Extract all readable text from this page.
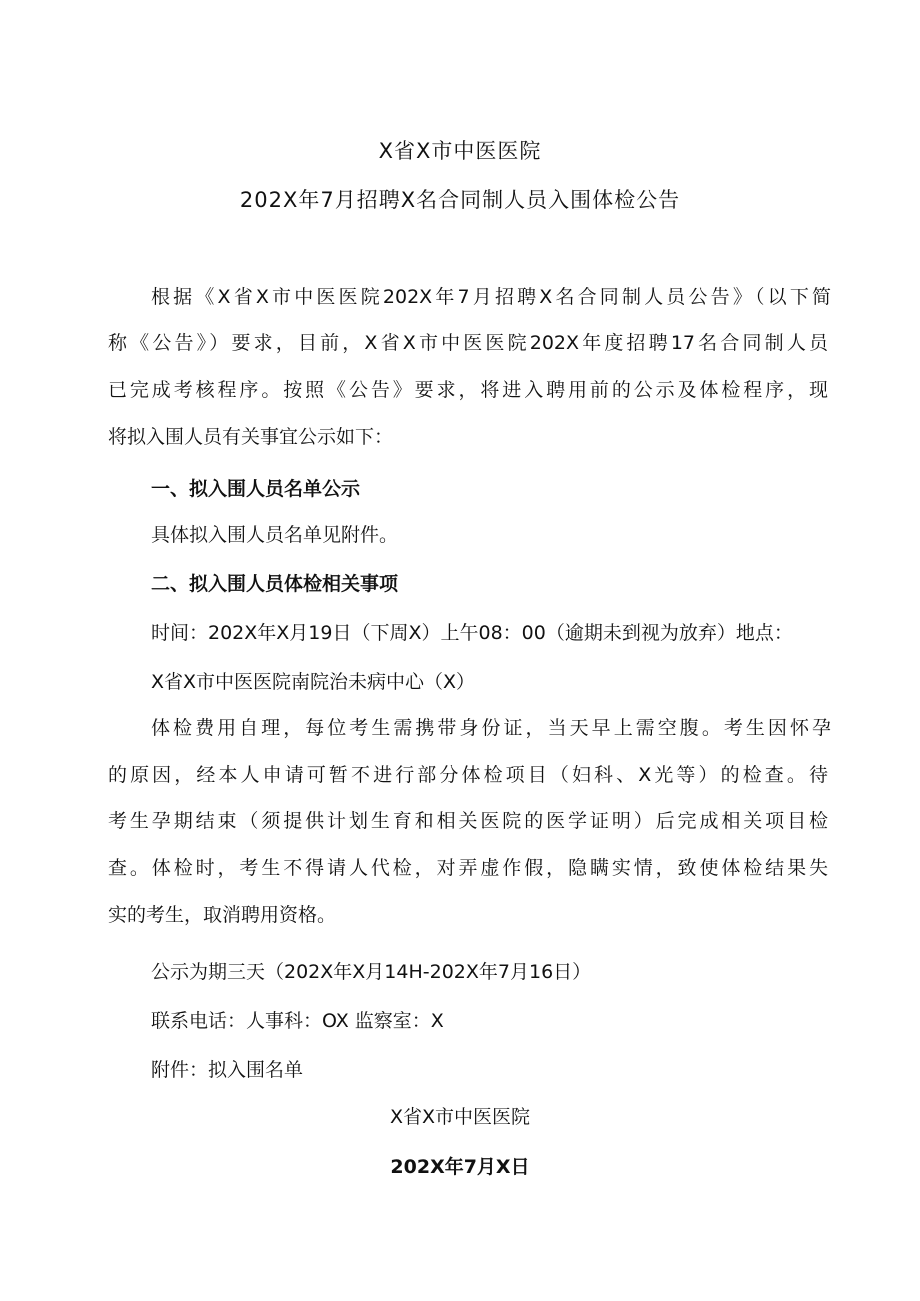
X省X市中医医院
202X年7月招聘X名合同制人员入围体检公告
根据《X省X市中医医院202X年7月招聘X名合同制人员公告》（以下简
称《公告》）要求，目前，X省X市中医医院202X年度招聘17名合同制人员
已完成考核程序。按照《公告》要求，将进入聘用前的公示及体检程序，现
将拟入围人员有关事宜公示如下：
一、拟入围人员名单公示
具体拟入围人员名单见附件。
二、拟入围人员体检相关事项
时间：202X年X月19日（下周X）上午08：00（逾期未到视为放弃）地点：
X省X市中医医院南院治未病中心（X）
体检费用自理，每位考生需携带身份证，当天早上需空腹。考生因怀孕
的原因，经本人申请可暂不进行部分体检项目（妇科、X光等）的检查。待
考生孕期结束（须提供计划生育和相关医院的医学证明）后完成相关项目检
查。体检时，考生不得请人代检，对弄虚作假，隐瞒实情，致使体检结果失
实的考生，取消聘用资格。
公示为期三天（202X年X月14H-202X年7月16日）
联系电话：人事科：OX 监察室：X
附件：拟入围名单
X省X市中医医院
202X年7月X日
